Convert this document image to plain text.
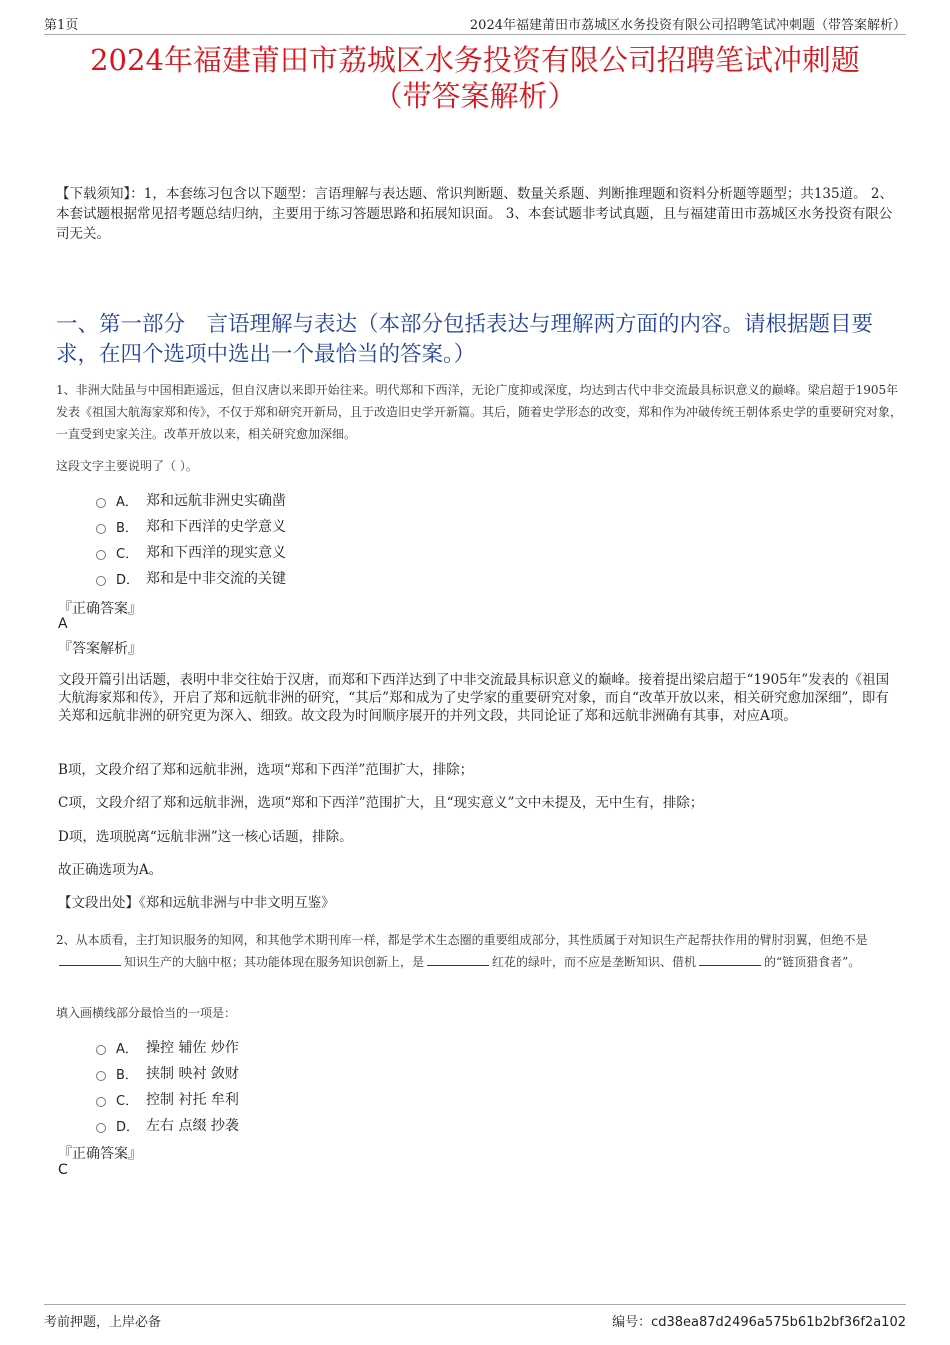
第1页	2024年福建莆田市荔城区水务投资有限公司招聘笔试冲刺题（带答案解析）
2024年福建莆田市荔城区水务投资有限公司招聘笔试冲刺题
（带答案解析）
【下载须知】：1，本套练习包含以下题型：言语理解与表达题、常识判断题、数量关系题、判断推理题和资料分析题等题型；共135道。 2、本套试题根据常见招考题总结归纳，主要用于练习答题思路和拓展知识面。 3、本套试题非考试真题，且与福建莆田市荔城区水务投资有限公司无关。
一、第一部分　言语理解与表达（本部分包括表达与理解两方面的内容。请根据题目要求，在四个选项中选出一个最恰当的答案。）
1、非洲大陆虽与中国相距遥远，但自汉唐以来即开始往来。明代郑和下西洋，无论广度抑或深度，均达到古代中非交流最具标识意义的巅峰。梁启超于1905年发表《祖国大航海家郑和传》，不仅于郑和研究开新局，且于改造旧史学开新篇。其后，随着史学形态的改变，郑和作为冲破传统王朝体系史学的重要研究对象，一直受到史家关注。改革开放以来，相关研究愈加深细。
这段文字主要说明了（ ）。
A． 郑和远航非洲史实确凿
B． 郑和下西洋的史学意义
C． 郑和下西洋的现实意义
D． 郑和是中非交流的关键
『正确答案』
A
『答案解析』
文段开篇引出话题，表明中非交往始于汉唐，而郑和下西洋达到了中非交流最具标识意义的巅峰。接着提出梁启超于“1905年”发表的《祖国大航海家郑和传》，开启了郑和远航非洲的研究，“其后”郑和成为了史学家的重要研究对象，而自“改革开放以来，相关研究愈加深细”，即有关郑和远航非洲的研究更为深入、细致。故文段为时间顺序展开的并列文段，共同论证了郑和远航非洲确有其事，对应A项。
B项，文段介绍了郑和远航非洲，选项“郑和下西洋”范围扩大，排除；
C项，文段介绍了郑和远航非洲，选项“郑和下西洋”范围扩大，且“现实意义”文中未提及，无中生有，排除；
D项，选项脱离“远航非洲”这一核心话题，排除。
故正确选项为A。
【文段出处】《郑和远航非洲与中非文明互鉴》
2、从本质看，主打知识服务的知网，和其他学术期刊库一样，都是学术生态圈的重要组成部分，其性质属于对知识生产起帮扶作用的臂肘羽翼，但绝不是知识生产的大脑中枢；其功能体现在服务知识创新上，是	红花的绿叶，而不应是垄断知识、借机	的“链顶猎食者”。
填入画横线部分最恰当的一项是：
A． 操控 辅佐 炒作
B． 挟制 映衬 敛财
C． 控制 衬托 牟利
D． 左右 点缀 抄袭
『正确答案』
C
考前押题，上岸必备	编号：cd38ea87d2496a575b61b2bf36f2a102
